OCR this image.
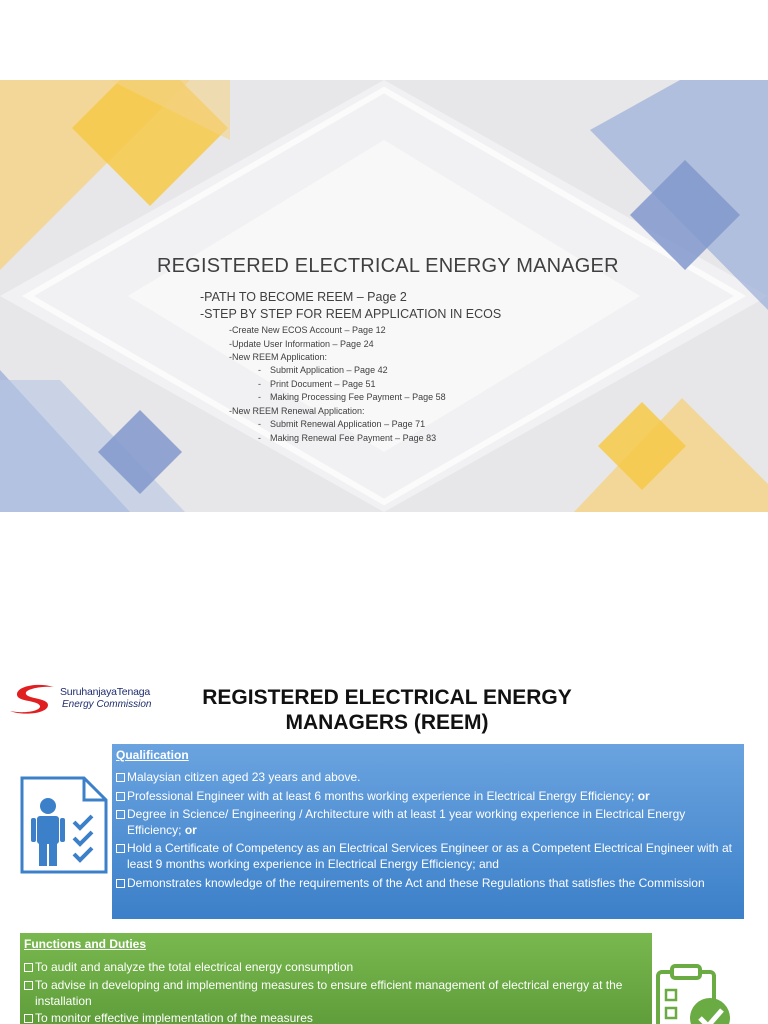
REGISTERED ELECTRICAL ENERGY MANAGER
-PATH TO BECOME REEM – Page 2
-STEP BY STEP FOR REEM APPLICATION IN ECOS
-Create New ECOS Account – Page 12
-Update User Information – Page 24
-New REEM Application:
- Submit Application – Page 42
- Print Document – Page 51
- Making Processing Fee Payment – Page 58
-New REEM Renewal Application:
- Submit Renewal Application – Page 71
- Making Renewal Fee Payment – Page 83
SuruhanjayaTenaga
Energy Commission	REGISTERED ELECTRICAL ENERGY MANAGERS (REEM)
Qualification
Malaysian citizen aged 23 years and above.
Professional Engineer with at least 6 months working experience in Electrical Energy Efficiency; or
Degree in Science/ Engineering / Architecture with at least 1 year working experience in Electrical Energy Efficiency; or
Hold a Certificate of Competency as an Electrical Services Engineer or as a Competent Electrical Engineer with at least 9 months working experience in Electrical Energy Efficiency; and
Demonstrates knowledge of the requirements of the Act and these Regulations that satisfies the Commission
Functions and Duties
To audit and analyze the total electrical energy consumption
To advise in developing and implementing measures to ensure efficient management of electrical energy at the installation
To monitor effective implementation of the measures
